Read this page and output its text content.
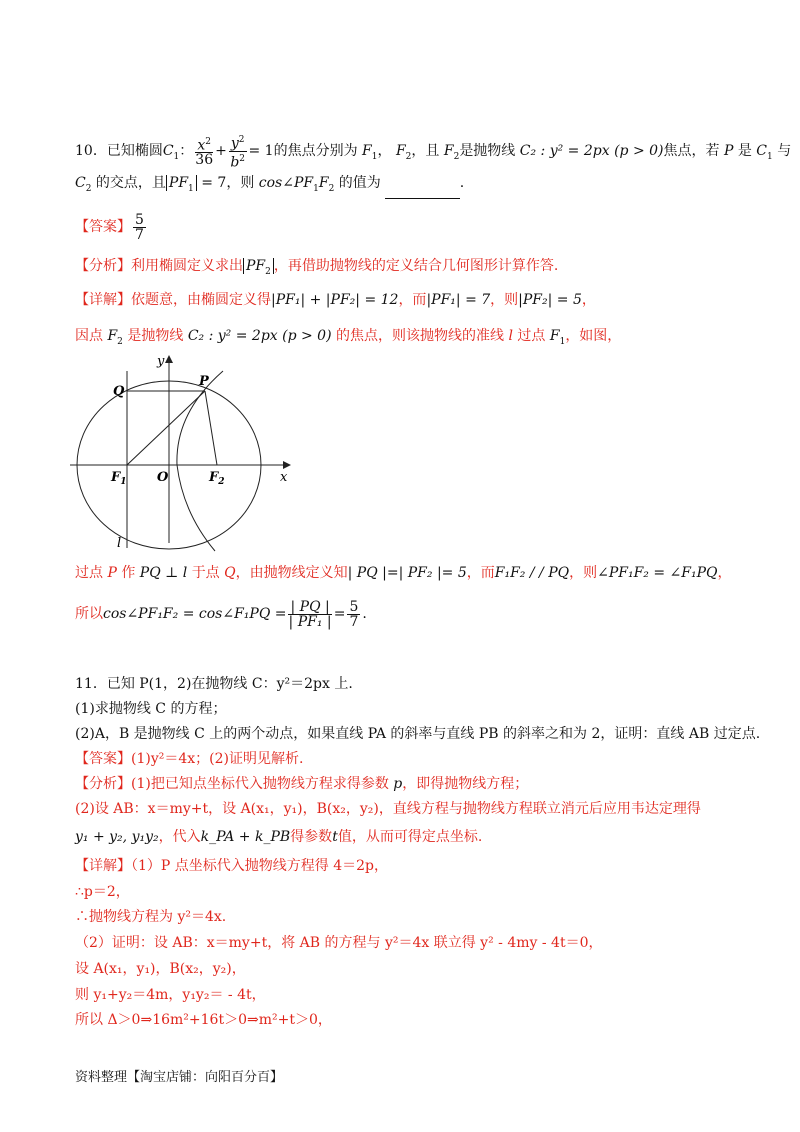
10．已知椭圆$C_1$： $\frac{x^2}{36} + \frac{y^2}{b^2} = 1$的焦点分别为 $F_1$， $F_2$，且 $F_2$是抛物线 C₂ : y² = 2px (p > 0)焦点，若 P 是 $C_1$ 与
$C_2$ 的交点，且 $PF_1 = 7$，则 $\cos\angle PF_1F_2$ 的值为	.
【答案】 $\frac{5}{7}$
【分析】利用椭圆定义求出 $PF_2$ ，再借助抛物线的定义结合几何图形计算作答.
【详解】依题意，由椭圆定义得|PF₁| + |PF₂| = 12，而|PF₁| = 7，则|PF₂| = 5，
因点 $F_2$ 是抛物线 C₂ : y² = 2px (p > 0) 的焦点，则该抛物线的准线 l 过点 $F_1$，如图，
y
x
Q
P
$F_1$ O	$F_2$
l
过点 P 作 PQ ⊥ l 于点 Q，由抛物线定义知| PQ |=| PF₂ |= 5，而F₁F₂ / / PQ，则∠PF₁F₂ = ∠F₁PQ，
所以cos∠PF₁F₂ = cos∠F₁PQ = $\frac{| PQ |}{\text{| PF₁ |}} = \frac{5}{7}$ .
11．已知 P(1，2)在抛物线 C：y²＝2px 上.
(1)求抛物线 C 的方程；
(2)A，B 是抛物线 C 上的两个动点，如果直线 PA 的斜率与直线 PB 的斜率之和为 2，证明：直线 AB 过定点.
【答案】(1)y²＝4x；(2)证明见解析.
【分析】(1)把已知点坐标代入抛物线方程求得参数 p，即得抛物线方程；
(2)设 AB：x＝my+t，设 A(x₁，y₁)，B(x₂，y₂)，直线方程与抛物线方程联立消元后应用韦达定理得
y₁ + y₂, y₁y₂，代入k_PA + k_PB得参数t值，从而可得定点坐标.
【详解】（1）P 点坐标代入抛物线方程得 4＝2p，
∴p＝2，
∴抛物线方程为 y²＝4x.
（2）证明：设 AB：x＝my+t，将 AB 的方程与 y²＝4x 联立得 y² ‐ 4my ‐ 4t＝0，
设 A(x₁，y₁)，B(x₂，y₂)，
则 y₁+y₂＝4m，y₁y₂＝ ‐ 4t，
所以 Δ＞0⇒16m²+16t＞0⇒m²+t＞0，
资料整理【淘宝店铺：向阳百分百】
